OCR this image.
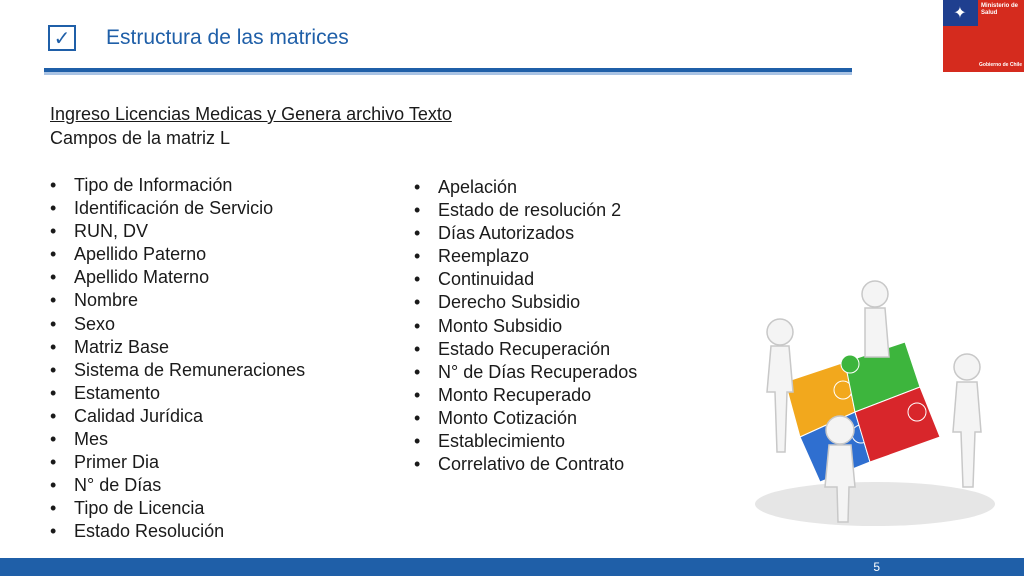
✓ Estructura de las matrices
✦	Ministerio de Salud
Gobierno de Chile
Ingreso Licencias Medicas y Genera archivo Texto
Campos de la matriz L
• Tipo de Información
• Identificación de Servicio
• RUN, DV
• Apellido Paterno
• Apellido Materno
• Nombre
• Sexo
• Matriz Base
• Sistema de Remuneraciones
• Estamento
• Calidad Jurídica
• Mes
• Primer Dia
• N° de Días
• Tipo de Licencia
• Estado Resolución
• Apelación
• Estado de resolución 2
• Días Autorizados
• Reemplazo
• Continuidad
• Derecho Subsidio
• Monto Subsidio
• Estado Recuperación
• N° de Días Recuperados
• Monto Recuperado
• Monto Cotización
• Establecimiento
• Correlativo de Contrato
5
